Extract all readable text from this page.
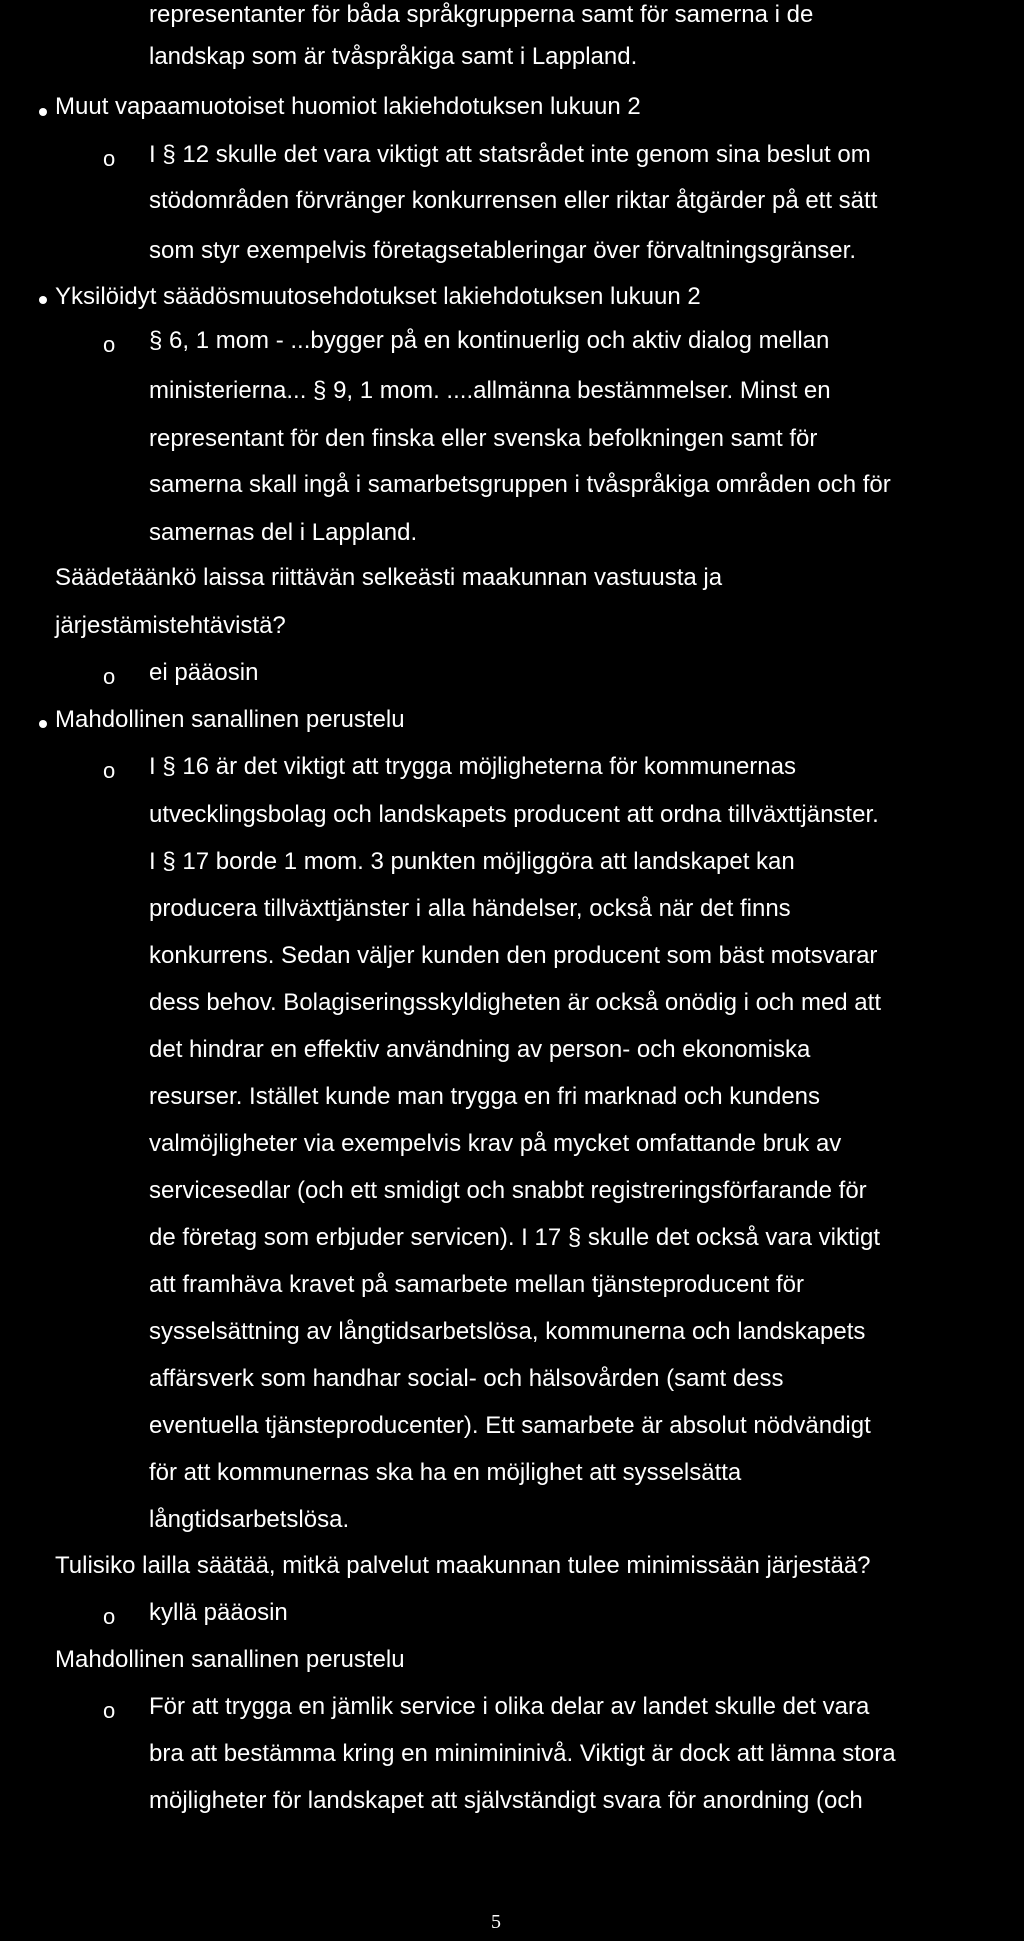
representanter för båda språkgrupperna samt för samerna i de
landskap som är tvåspråkiga samt i Lappland.
Muut vapaamuotoiset huomiot lakiehdotuksen lukuun 2
o I § 12 skulle det vara viktigt att statsrådet inte genom sina beslut om
stödområden förvränger konkurrensen eller riktar åtgärder på ett sätt
som styr exempelvis företagsetableringar över förvaltningsgränser.
Yksilöidyt säädösmuutosehdotukset lakiehdotuksen lukuun 2
o § 6, 1 mom - ...bygger på en kontinuerlig och aktiv dialog mellan
ministerierna... § 9, 1 mom. ....allmänna bestämmelser. Minst en
representant för den finska eller svenska befolkningen samt för
samerna skall ingå i samarbetsgruppen i tvåspråkiga områden och för
samernas del i Lappland.
Säädetäänkö laissa riittävän selkeästi maakunnan vastuusta ja
järjestämistehtävistä?
o ei pääosin
Mahdollinen sanallinen perustelu
o I § 16 är det viktigt att trygga möjligheterna för kommunernas
utvecklingsbolag och landskapets producent att ordna tillväxttjänster.
I § 17 borde 1 mom. 3 punkten möjliggöra att landskapet kan
producera tillväxttjänster i alla händelser, också när det finns
konkurrens. Sedan väljer kunden den producent som bäst motsvarar
dess behov. Bolagiseringsskyldigheten är också onödig i och med att
det hindrar en effektiv användning av person- och ekonomiska
resurser. Istället kunde man trygga en fri marknad och kundens
valmöjligheter via exempelvis krav på mycket omfattande bruk av
servicesedlar (och ett smidigt och snabbt registreringsförfarande för
de företag som erbjuder servicen). I 17 § skulle det också vara viktigt
att framhäva kravet på samarbete mellan tjänsteproducent för
sysselsättning av långtidsarbetslösa, kommunerna och landskapets
affärsverk som handhar social- och hälsovården (samt dess
eventuella tjänsteproducenter). Ett samarbete är absolut nödvändigt
för att kommunernas ska ha en möjlighet att sysselsätta
långtidsarbetslösa.
Tulisiko lailla säätää, mitkä palvelut maakunnan tulee minimissään järjestää?
o kyllä pääosin
Mahdollinen sanallinen perustelu
o För att trygga en jämlik service i olika delar av landet skulle det vara
bra att bestämma kring en minimininivå. Viktigt är dock att lämna stora
möjligheter för landskapet att självständigt svara för anordning (och
5
